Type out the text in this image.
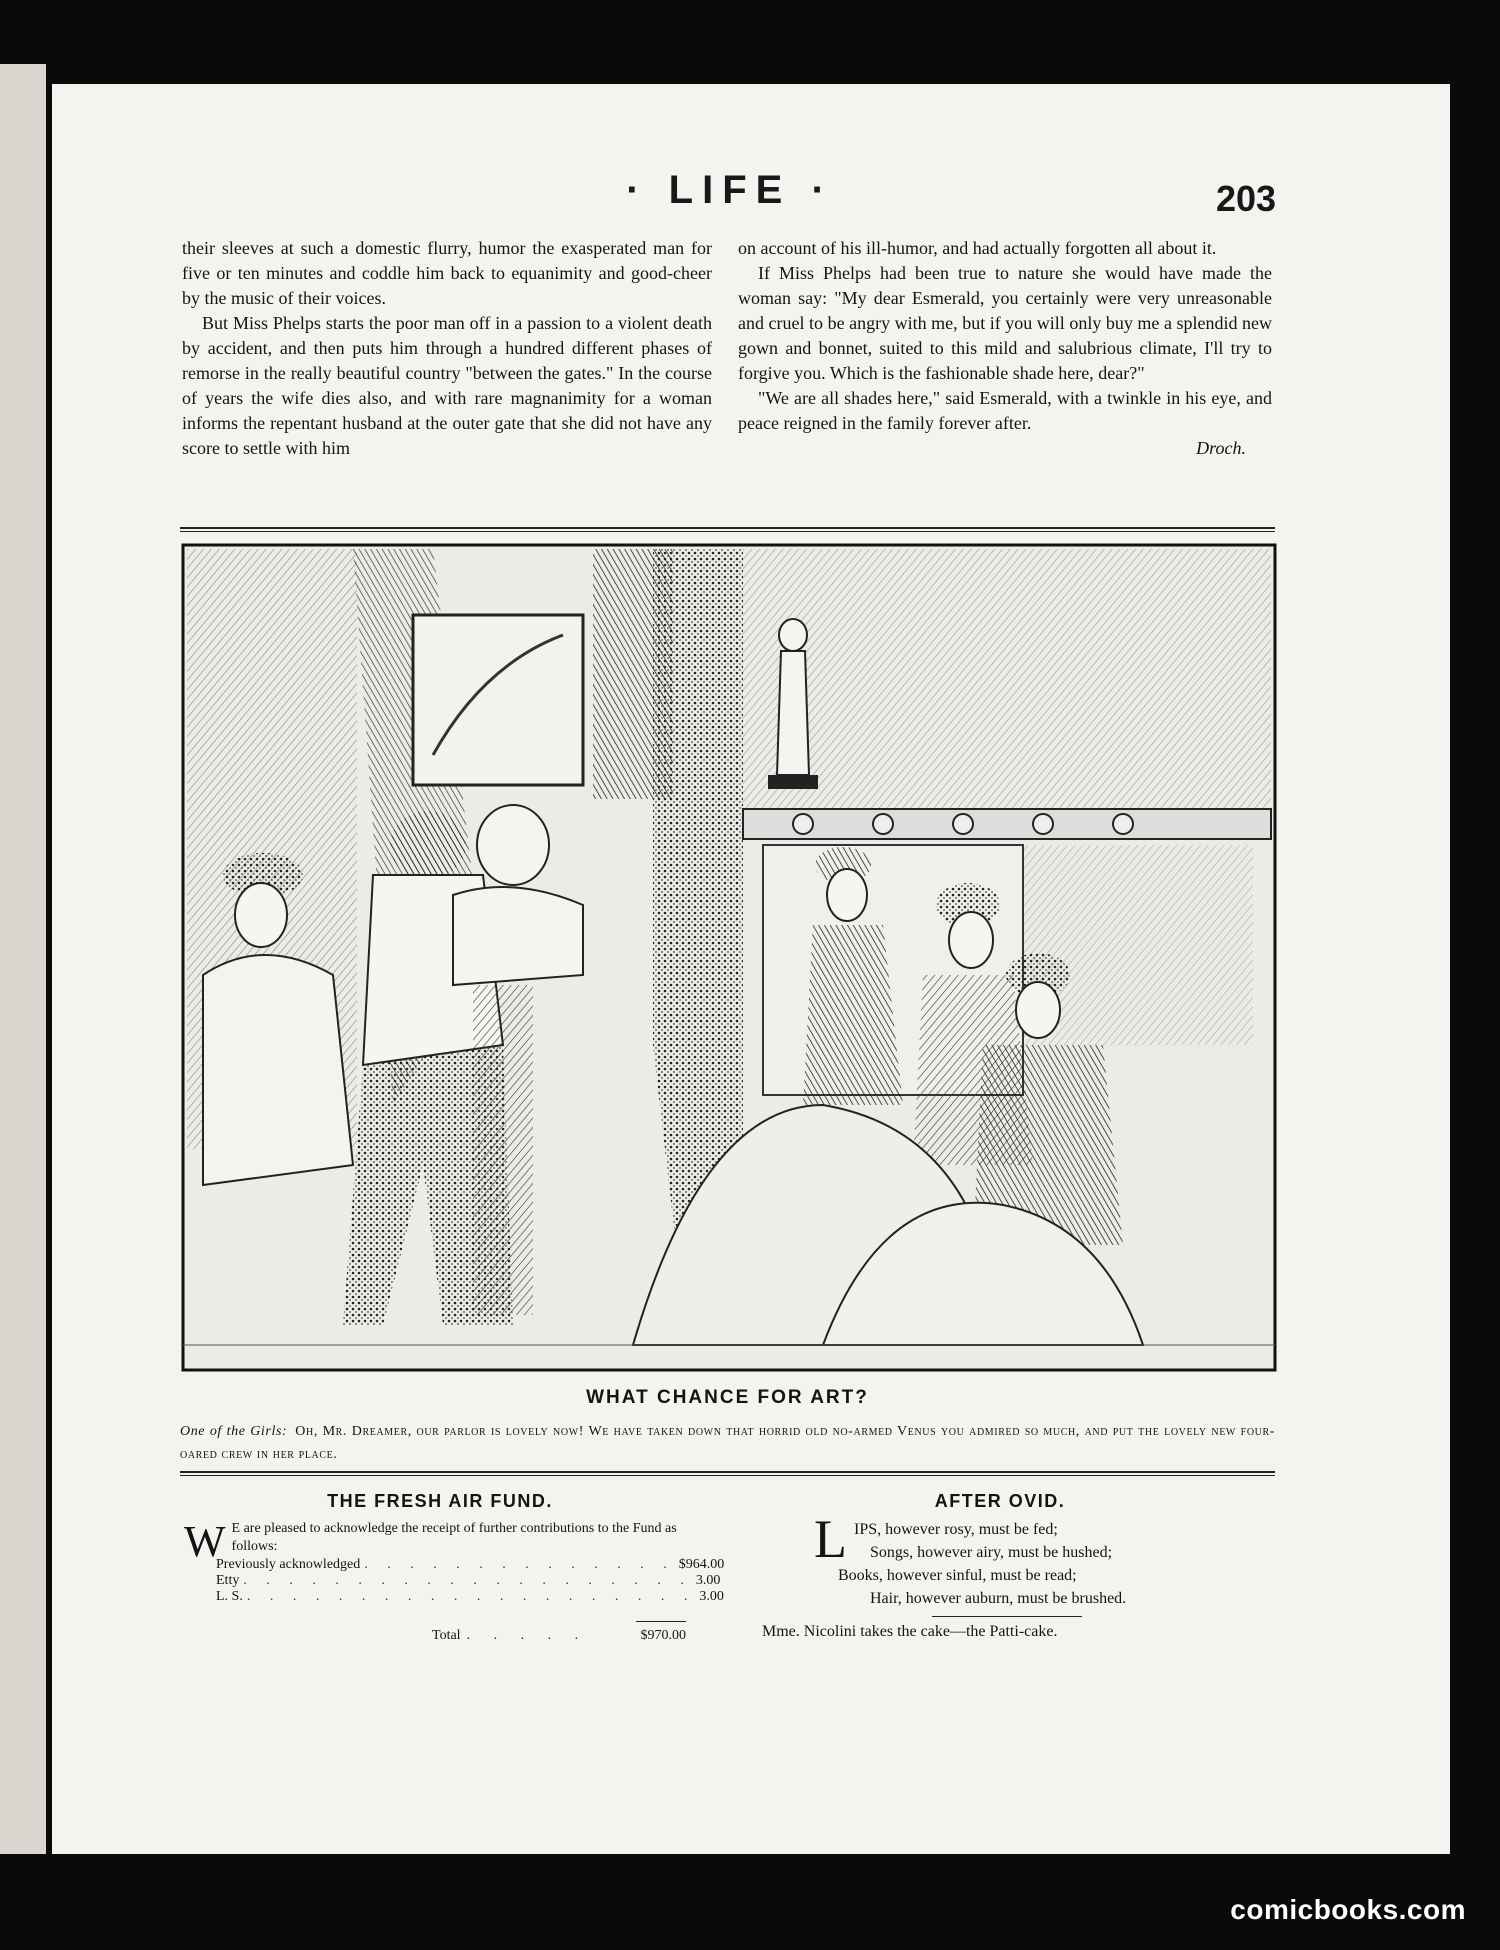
· LIFE ·	203

their sleeves at such a domestic flurry, humor the exasperated man for five or ten minutes and coddle him back to equanimity and good-cheer by the music of their voices.

But Miss Phelps starts the poor man off in a passion to a violent death by accident, and then puts him through a hundred different phases of remorse in the really beautiful country "between the gates." In the course of years the wife dies also, and with rare magnanimity for a woman informs the repentant husband at the outer gate that she did not have any score to settle with him

on account of his ill-humor, and had actually forgotten all about it.

If Miss Phelps had been true to nature she would have made the woman say: "My dear Esmerald, you certainly were very unreasonable and cruel to be angry with me, but if you will only buy me a splendid new gown and bonnet, suited to this mild and salubrious climate, I'll try to forgive you. Which is the fashionable shade here, dear?"

"We are all shades here," said Esmerald, with a twinkle in his eye, and peace reigned in the family forever after.

Droch.
WHAT CHANCE FOR ART?
One of the Girls: Oh, Mr. Dreamer, our parlor is lovely now! We have taken down that horrid old no-armed Venus you admired so much, and put the lovely new four-oared crew in her place.
THE FRESH AIR FUND.
W E are pleased to acknowledge the receipt of further contributions to the Fund as follows:
Previously acknowledged . . . . . . . . . . . . . . $964.00
Etty . . . . . . . . . . . . . . . . . . . . 3.00
L. S. . . . . . . . . . . . . . . . . . . . . 3.00
Total . . . . .	$970.00
AFTER OVID.
L IPS, however rosy, must be fed;
Songs, however airy, must be hushed;
Books, however sinful, must be read;
Hair, however auburn, must be brushed.
Mme. Nicolini takes the cake—the Patti-cake.
comicbooks.com
